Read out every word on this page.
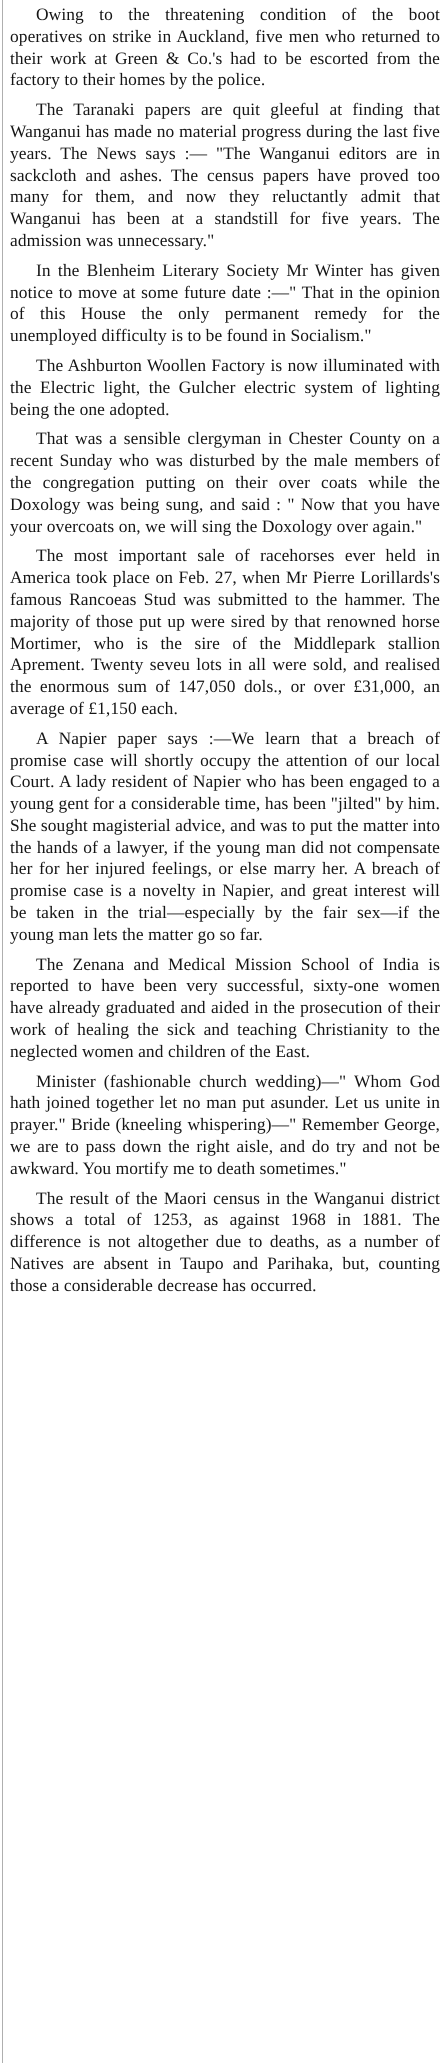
Owing to the threatening condition of the boot operatives on strike in Auckland, five men who returned to their work at Green & Co.'s had to be escorted from the factory to their homes by the police.

The Taranaki papers are quit gleeful at finding that Wanganui has made no material progress during the last five years. The News says :— "The Wanganui editors are in sackcloth and ashes. The census papers have proved too many for them, and now they reluctantly admit that Wanganui has been at a standstill for five years. The admission was unnecessary."

In the Blenheim Literary Society Mr Winter has given notice to move at some future date :—" That in the opinion of this House the only permanent remedy for the unemployed difficulty is to be found in Socialism."

The Ashburton Woollen Factory is now illuminated with the Electric light, the Gulcher electric system of lighting being the one adopted.

That was a sensible clergyman in Chester County on a recent Sunday who was disturbed by the male members of the congregation putting on their over coats while the Doxology was being sung, and said : " Now that you have your overcoats on, we will sing the Doxology over again."

The most important sale of racehorses ever held in America took place on Feb. 27, when Mr Pierre Lorillards's famous Rancoeas Stud was submitted to the hammer. The majority of those put up were sired by that renowned horse Mortimer, who is the sire of the Middlepark stallion Aprement. Twenty seveu lots in all were sold, and realised the enormous sum of 147,050 dols., or over £31,000, an average of £1,150 each.

A Napier paper says :—We learn that a breach of promise case will shortly occupy the attention of our local Court. A lady resident of Napier who has been engaged to a young gent for a considerable time, has been "jilted" by him. She sought magisterial advice, and was to put the matter into the hands of a lawyer, if the young man did not compensate her for her injured feelings, or else marry her. A breach of promise case is a novelty in Napier, and great interest will be taken in the trial—especially by the fair sex—if the young man lets the matter go so far.

The Zenana and Medical Mission School of India is reported to have been very successful, sixty-one women have already graduated and aided in the prosecution of their work of healing the sick and teaching Christianity to the neglected women and children of the East.

Minister (fashionable church wedding)—" Whom God hath joined together let no man put asunder. Let us unite in prayer." Bride (kneeling whispering)—" Remember George, we are to pass down the right aisle, and do try and not be awkward. You mortify me to death sometimes."

The result of the Maori census in the Wanganui district shows a total of 1253, as against 1968 in 1881. The difference is not altogether due to deaths, as a number of Natives are absent in Taupo and Parihaka, but, counting those a considerable decrease has occurred.
